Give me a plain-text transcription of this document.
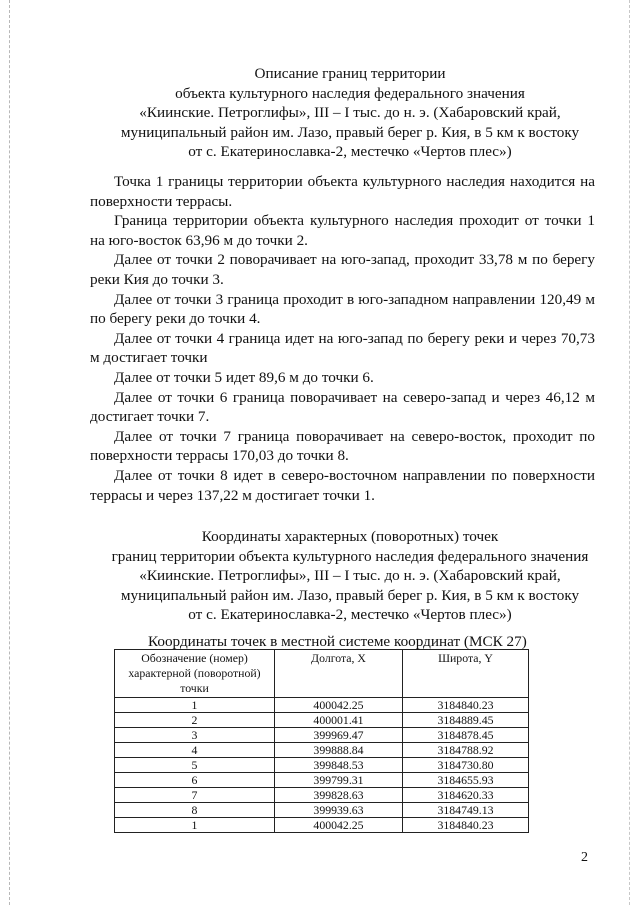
Описание границ территории
объекта культурного наследия федерального значения
«Киинские. Петроглифы», III – I тыс. до н. э. (Хабаровский край,
муниципальный район им. Лазо, правый берег р. Кия, в 5 км к востоку
от с. Екатеринославка-2, местечко «Чертов плес»)

Точка 1 границы территории объекта культурного наследия находится на поверхности террасы.

Граница территории объекта культурного наследия проходит от точки 1 на юго-восток 63,96 м до точки 2.

Далее от точки 2 поворачивает на юго-запад, проходит 33,78 м по берегу реки Кия до точки 3.

Далее от точки 3 граница проходит в юго-западном направлении 120,49 м по берегу реки до точки 4.

Далее от точки 4 граница идет на юго-запад по берегу реки и через 70,73 м достигает точки

Далее от точки 5 идет 89,6 м до точки 6.

Далее от точки 6 граница поворачивает на северо-запад и через 46,12 м достигает точки 7.

Далее от точки 7 граница поворачивает на северо-восток, проходит по поверхности террасы 170,03 до точки 8.

Далее от точки 8 идет в северо-восточном направлении по поверхности террасы и через 137,22 м достигает точки 1.

Координаты характерных (поворотных) точек
границ территории объекта культурного наследия федерального значения
«Киинские. Петроглифы», III – I тыс. до н. э. (Хабаровский край,
муниципальный район им. Лазо, правый берег р. Кия, в 5 км к востоку
от с. Екатеринославка-2, местечко «Чертов плес»)
Координаты точек в местной системе координат (МСК 27)
Обозначение (номер) характерной (поворотной) точки	Долгота, X	Широта, Y
1	400042.25	3184840.23
2	400001.41	3184889.45
3	399969.47	3184878.45
4	399888.84	3184788.92
5	399848.53	3184730.80
6	399799.31	3184655.93
7	399828.63	3184620.33
8	399939.63	3184749.13
1	400042.25	3184840.23
2
